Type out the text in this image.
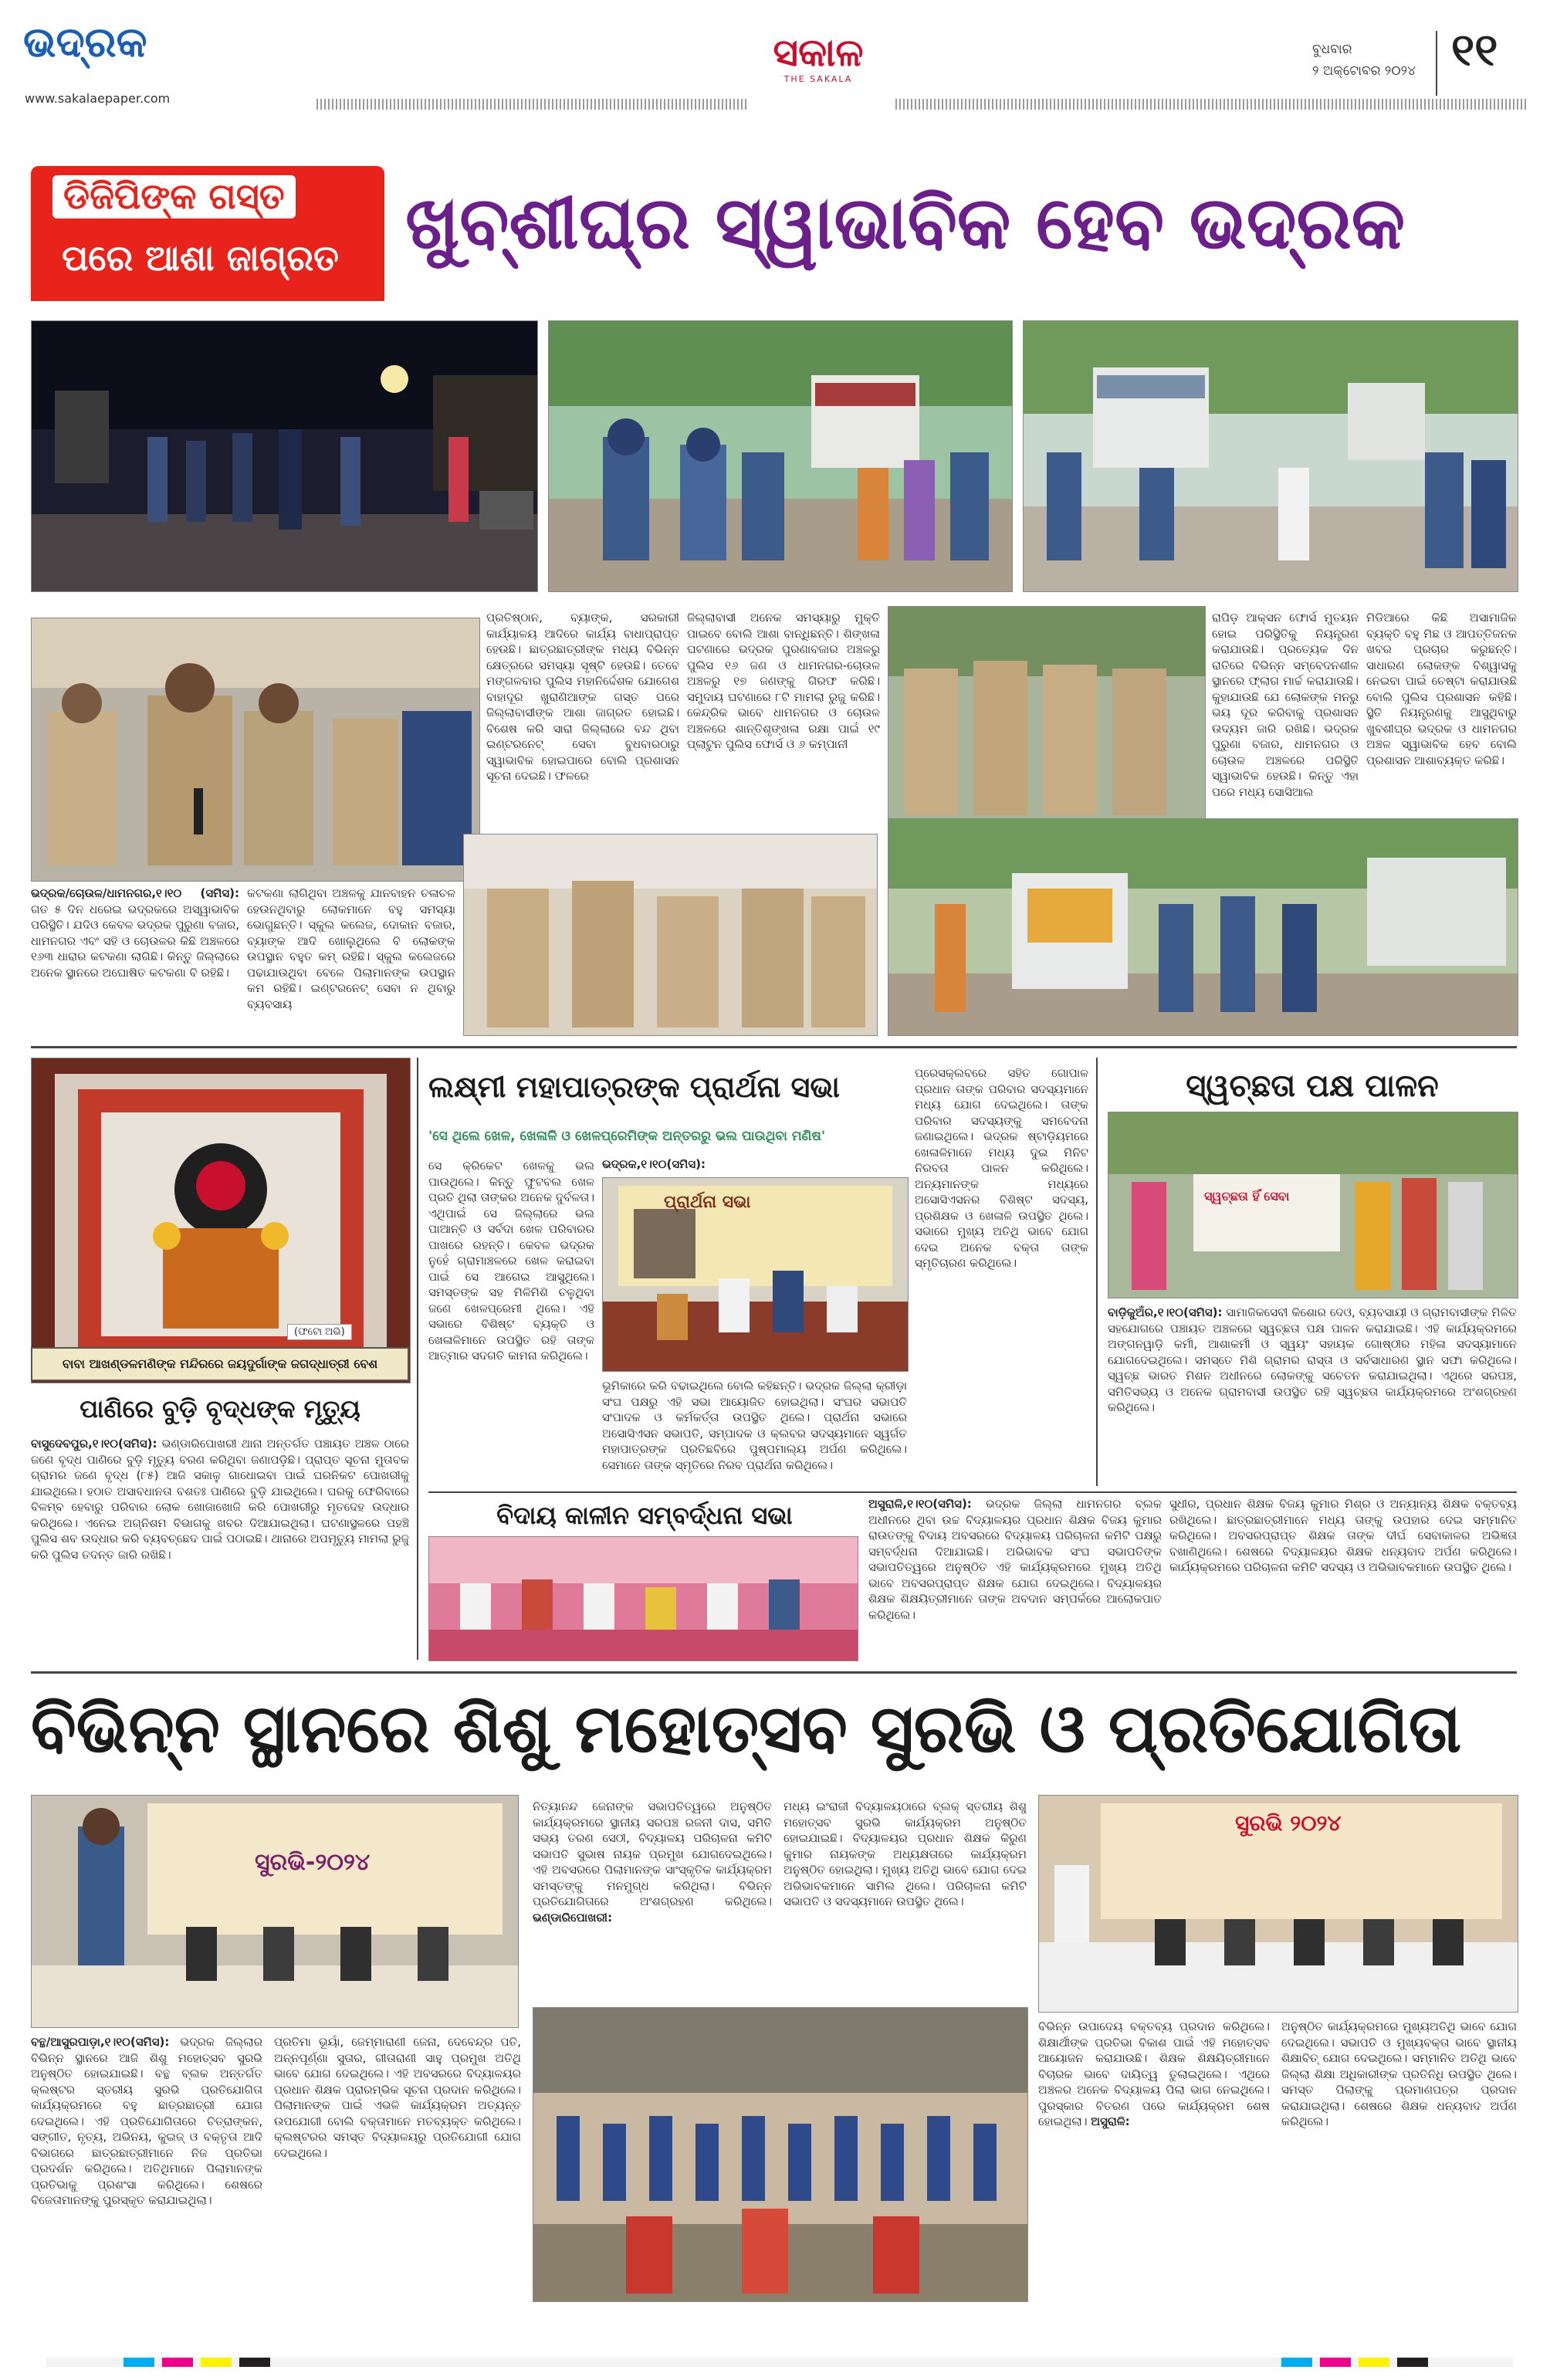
ଭଦ୍ରକ
www.sakalaepaper.com
ସକାଳ
THE SAKALA
ବୁଧବାର
୨ ଅକ୍ଟୋବର ୨୦୨୪ ୧୧
ଡିଜିପିଙ୍କ ଗସ୍ତ
ପରେ ଆଶା ଜାଗ୍ରତ ଖୁବ୍‌ଶୀଘ୍ର ସ୍ୱାଭାବିକ ହେବ ଭଦ୍ରକ
ଭଦ୍ରକ/ଚୋଉଳ/ଧାମନଗର,୧।୧୦ (ସମିସ): ଗତ ୫ ଦିନ ଧରେଇ ଭଦ୍ରକରେ ଅସ୍ୱାଭାବିକ ପରିସ୍ଥିତି। ଯଦିଓ କେବଳ ଭଦ୍ରକ ପୁରୁଣା ବଜାର, ଧାମନଗର ଏବଂ ସହି ଓ ଚୋଉଳର କିଛି ଅଞ୍ଚଳରେ ୧୬୩ ଧାରାର କଟକଣା ଲାଗିଛି। କିନ୍ତୁ ଜିଲ୍ଲାରେ ଅନେକ ସ୍ଥାନରେ ଅଘୋଷିତ କଟକଣା ବି ରହିଛି।
କଟକଣା ଲାଗିଥିବା ଅଞ୍ଚଳକୁ ଯାନବାହନ ଚଳାଚଳ ହେଉନଥିବାରୁ ଲୋକମାନେ ବହୁ ସମସ୍ୟା ଭୋଗୁଛନ୍ତି। ସ୍କୁଲ କଲେଜ, ଦୋକାନ ବଜାର, ବ୍ୟାଙ୍କ ଆଦି ଖୋଲୁଥିଲେ ବି ଲୋକଙ୍କ ଉପସ୍ଥାନ ବହୁତ କମ୍ ରହିଛି। ସ୍କୁଲ କଲେଜରେ ପଢାଯାଉଥିବା ବେଳେ ପିଲାମାନଙ୍କ ଉପସ୍ଥାନ କମ ରହିଛି। ଇଣ୍ଟରନେଟ୍ ସେବା ନ ଥିବାରୁ ବ୍ୟବସାୟ
ପ୍ରତିଷ୍ଠାନ, ବ୍ୟାଙ୍କ, ସରକାରୀ କାର୍ଯ୍ୟାଳୟ ଆଦିରେ କାର୍ଯ୍ୟ ବାଧାପ୍ରାପ୍ତ ହେଉଛି। ଛାତ୍ରଛାତ୍ରୀଙ୍କ ମଧ୍ୟ ବିଭିନ୍ନ କ୍ଷେତ୍ରରେ ସମସ୍ୟା ସୃଷ୍ଟି ହେଉଛି। ତେବେ ମଙ୍ଗଳବାର ପୁଲିସ ମହାନିର୍ଦ୍ଦେଶକ ଯୋଗେଶ ବାହାଦୂର ଖୁରାଣିଆଙ୍କ ଗସ୍ତ ପରେ ଜିଲ୍ଲାବାସୀଙ୍କ ଆଶା ଜାଗ୍ରତ ହୋଇଛି। ବିଶେଷ କରି ସାରା ଜିଲ୍ଲାରେ ବନ୍ଦ ଥିବା ଇଣ୍ଟରନେଟ୍ ସେବା ବୁଧବାରଠାରୁ ସ୍ୱାଭାବିକ ହୋଇପାରେ ବୋଲି ପ୍ରଶାସନ ସୂଚନା ଦେଇଛି। ଫଳରେ
ଜିଲ୍ଲାବାସୀ ଅନେକ ସମସ୍ୟାରୁ ମୁକ୍ତି ପାଇବେ ବୋଲି ଆଶା ବାନ୍ଧିଛନ୍ତି। ଶିଙ୍ଖଳା ଘଟଣାରେ ଭଦ୍ରକ ପୁରଣାବଜାର ଅଞ୍ଚଳରୁ ପୁଲିସ ୧୬ ଜଣ ଓ ଧାମନଗର-ଚୋଉଳ ଅଞ୍ଚଳରୁ ୧୭ ଜଣଙ୍କୁ ଗିରଫ କରିଛି। ସମୁଦାୟ ଘଟଣାରେ ୮ଟି ମାମଲା ରୁଜୁ କରିଛି। କେନ୍ଦ୍ରିକ ଭାବେ ଧାମନଗର ଓ ଚୋଉଳ ଅଞ୍ଚଳରେ ଶାନ୍ତିଶୃଙ୍ଖଳା ରକ୍ଷା ପାଇଁ ୧୯ ପ୍ଲାଟୁନ ପୁଲିସ ଫୋର୍ସ ଓ ୬ କମ୍ପାନୀ
ରାପିଡ଼ ଆକ୍ସନ ଫୋର୍ସ ମୁତୟନ ହୋଇ ପରିସ୍ଥିତିକୁ ନିୟନ୍ତ୍ରଣ କରାଯାଉଛି। ପ୍ରତ୍ୟେକ ଦିନ ରାତିରେ ବିଭିନ୍ନ ସମ୍ବେଦନଶୀଳ ସ୍ଥାନରେ ଫ୍ଲାଗ ମାର୍ଚ୍ଚ କରାଯାଉଛି। କୁହାଯାଉଛି ଯେ ଲୋକଙ୍କ ମନରୁ ଭୟ ଦୂର କରିବାକୁ ପ୍ରଶାସନ ଉଦ୍ୟମ ଜାରି ରଖିଛି। ଭଦ୍ରକ ପୁରୁଣା ବଜାର, ଧାମନଗର ଓ ଚୋଉଳ ଅଞ୍ଚଳରେ ପରିସ୍ଥିତି ସ୍ୱାଭାବିକ ହେଉଛି। କିନ୍ତୁ ଏହା ପରେ ମଧ୍ୟ ସୋସିଆଲ
ମିଡିଆରେ କିଛି ଅସାମାଜିକ ବ୍ୟକ୍ତି ବହୁ ମିଛ ଓ ଆପତ୍ତିଜନକ ଖବର ପ୍ରଚାର କରୁଛନ୍ତି। ସାଧାରଣ ଲୋକଙ୍କ ବିଶ୍ୱାସକୁ ନେଇବା ପାଇଁ ଚେଷ୍ଟା କରାଯାଉଛି ବୋଲି ପୁଲିସ ପ୍ରଶାସନ କହିଛି। ସ୍ଥିତି ନିୟନ୍ତ୍ରଣକୁ ଆସୁଥିବାରୁ ଖୁବଶୀଘ୍ର ଭଦ୍ରକ ଓ ଧାମନଗର ଅଞ୍ଚଳ ସ୍ୱାଭାବିକ ହେବ ବୋଲି ପ୍ରଶାସନ ଆଶାବ୍ୟକ୍ତ କରିଛି।
(ଫଟୋ ଅଭି)
ବାବା ଆଖଣ୍ଡଳମଣିଙ୍କ ମନ୍ଦିରରେ ଜୟଦୁର୍ଗାଙ୍କ ଜଗଦ୍ଧାତ୍ରୀ ବେଶ
ପାଣିରେ ବୁଡ଼ି ବୃଦ୍ଧଙ୍କ ମୃତ୍ୟୁ
ବାସୁଦେବପୁର,୧।୧୦(ସମିସ): ଭଣ୍ଡାରିପୋଖରୀ ଥାନା ଅନ୍ତର୍ଗତ ପଞ୍ଚାୟତ ଅଞ୍ଚଳ ଠାରେ ଜଣେ ବୃଦ୍ଧ ପାଣିରେ ବୁଡ଼ି ମୃତ୍ୟୁ ବରଣ କରିଥିବା ଜଣାପଡ଼ିଛି। ପ୍ରାପ୍ତ ସୂଚନା ମୁତାବକ ଗ୍ରାମର ଜଣେ ବୃଦ୍ଧ (୮୫) ଆଜି ସକାଳୁ ଗାଧୋଇବା ପାଇଁ ଘରନିକଟ ପୋଖରୀକୁ ଯାଇଥିଲେ। ହଠାତ ଅସାବଧାନତା ବଶତଃ ପାଣିରେ ବୁଡ଼ି ଯାଇଥିଲେ। ଘରକୁ ଫେରିବାରେ ବିଳମ୍ବ ହେବାରୁ ପରିବାର ଲୋକ ଖୋଜାଖୋଜି କରି ପୋଖରୀରୁ ମୃତଦେହ ଉଦ୍ଧାର କରିଥିଲେ। ଏନେଇ ଅଗ୍ନିଶମ ବିଭାଗକୁ ଖବର ଦିଆଯାଇଥିଲା। ଘଟଣାସ୍ଥଳରେ ପହଞ୍ଚି ପୁଲିସ ଶବ ଉଦ୍ଧାର କରି ବ୍ୟବଚ୍ଛେଦ ପାଇଁ ପଠାଇଛି। ଥାନାରେ ଅପମୃତ୍ୟୁ ମାମଲା ରୁଜୁ କରି ପୁଲିସ ତଦନ୍ତ ଜାରି ରଖିଛି।
ଲକ୍ଷ୍ମୀ ମହାପାତ୍ରଙ୍କ ପ୍ରାର୍ଥନା ସଭା
'ସେ ଥିଲେ ଖେଳ, ଖେଳାଳି ଓ ଖେଳପ୍ରେମିଙ୍କ ଅନ୍ତରରୁ ଭଲ ପାଉଥିବା ମଣିଷ'
ଭଦ୍ରକ,୧।୧୦(ସମିସ):
ପ୍ରାର୍ଥନା ସଭା
ସେ କ୍ରିକେଟ ଖେଳକୁ ଭଲ ପାଉଥିଲେ। କିନ୍ତୁ ଫୁଟବଲ ଖେଳ ପ୍ରତି ଥିଲା ତାଙ୍କର ଅନେକ ଦୁର୍ବଳତା। ଏଥିପାଇଁ ସେ ଜିଲ୍ଲାରେ ଭଲ ପାଆନ୍ତି ଓ ସର୍ବଦା ଖେଳ ପରିବାରର ପାଖରେ ରହନ୍ତି। କେବଳ ଭଦ୍ରକ ନୁହେଁ ଗ୍ରାମାଞ୍ଚଳରେ ଖେଳ କରାଇବା ପାଇଁ ସେ ଆଗେଇ ଆସୁଥିଲେ। ସମସ୍ତଙ୍କ ସହ ମିଳିମିଶି ଚଳୁଥିବା ଜଣେ ଖେଳପ୍ରେମୀ ଥିଲେ। ଏହି ସଭାରେ ବିଶିଷ୍ଟ ବ୍ୟକ୍ତି ଓ ଖେଳାଳିମାନେ ଉପସ୍ଥିତ ରହି ତାଙ୍କ ଆତ୍ମାର ସଦଗତି କାମନା କରିଥିଲେ।
ଭୂମିକାରେ କରି ବଢାଇଥିଲେ ବୋଲି କହିଛନ୍ତି। ଭଦ୍ରକ ଜିଲ୍ଲା କ୍ରୀଡ଼ା ସଂଘ ପକ୍ଷରୁ ଏହି ସଭା ଆୟୋଜିତ ହୋଇଥିଲା। ସଂଘର ସଭାପତି ସଂପାଦକ ଓ କର୍ମକର୍ତ୍ତା ଉପସ୍ଥିତ ଥିଲେ। ପ୍ରାର୍ଥନା ସଭାରେ ଅସୋସିଏସନ ସଭାପତି, ସମ୍ପାଦକ ଓ କ୍ଲବର ସଦସ୍ୟମାନେ ସ୍ୱର୍ଗତ ମହାପାତ୍ରଙ୍କ ପ୍ରତିଛବିରେ ପୁଷ୍ପମାଲ୍ୟ ଅର୍ପଣ କରିଥିଲେ। ସେମାନେ ତାଙ୍କ ସ୍ମୃତିରେ ନିରବ ପ୍ରାର୍ଥନା କରିଥିଲେ।
ପ୍ରେସକ୍ଲବରେ ସହିତ ଗୋପାଳ ପ୍ରଧାନ ତାଙ୍କ ପରିବାର ସଦସ୍ୟମାନେ ମଧ୍ୟ ଯୋଗ ଦେଇଥିଲେ। ତାଙ୍କ ପରିବାର ସଦସ୍ୟଙ୍କୁ ସମବେଦନା ଜଣାଇଥିଲେ। ଭଦ୍ରକ ଷ୍ଟାଡ଼ିୟମରେ ଖେଳାଳିମାନେ ମଧ୍ୟ ଦୁଇ ମିନିଟ ନିରବତା ପାଳନ କରିଥିଲେ। ଅନ୍ୟମାନଙ୍କ ମଧ୍ୟରେ ଅସୋସିଏସନର ବିଶିଷ୍ଟ ସଦସ୍ୟ, ପ୍ରଶିକ୍ଷକ ଓ ଖେଳାଳି ଉପସ୍ଥିତ ଥିଲେ। ସଭାରେ ମୁଖ୍ୟ ଅତିଥି ଭାବେ ଯୋଗ ଦେଇ ଅନେକ ବକ୍ତା ତାଙ୍କ ସ୍ମୃତିଚାରଣ କରିଥିଲେ।
ସ୍ୱଚ୍ଛତା ପକ୍ଷ ପାଳନ
ସ୍ୱଚ୍ଛତା ହିଁ ସେବା
ବାଡ଼ିକୁଅଁର,୧।୧୦(ସମିସ): ସାମାଜିକସେବୀ କିଶୋର ଦେଓ, ବ୍ୟବସାୟୀ ଓ ଗ୍ରାମବାସୀଙ୍କ ମିଳିତ ସହଯୋଗରେ ପଞ୍ଚାୟତ ଅଞ୍ଚଳରେ ସ୍ୱଚ୍ଛତା ପକ୍ଷ ପାଳନ କରାଯାଇଛି। ଏହି କାର୍ଯ୍ୟକ୍ରମରେ ଅଙ୍ଗନୱାଡ଼ି କର୍ମୀ, ଆଶାକର୍ମୀ ଓ ସ୍ୱୟଂ ସହାୟକ ଗୋଷ୍ଠୀର ମହିଳା ସଦସ୍ୟାମାନେ ଯୋଗଦେଇଥିଲେ। ସମସ୍ତେ ମିଶି ଗ୍ରାମର ରାସ୍ତା ଓ ସର୍ବସାଧାରଣ ସ୍ଥାନ ସଫା କରିଥିଲେ। ସ୍ୱଚ୍ଛ ଭାରତ ମିଶନ ଅଧୀନରେ ଲୋକଙ୍କୁ ସଚେତନ କରାଯାଇଥିଲା। ଏଥିରେ ସରପଞ୍ଚ, ସମିତିସଭ୍ୟ ଓ ଅନେକ ଗ୍ରାମବାସୀ ଉପସ୍ଥିତ ରହି ସ୍ୱଚ୍ଛତା କାର୍ଯ୍ୟକ୍ରମରେ ଅଂଶଗ୍ରହଣ କରିଥିଲେ।
ବିଦାୟ କାଳୀନ ସମ୍ବର୍ଦ୍ଧନା ସଭା	ଅସୁରାଳି,୧।୧୦(ସମିସ): ଭଦ୍ରକ ଜିଲ୍ଲା ଧାମନଗର ବ୍ଲକ ଅଧୀନରେ ଥିବା ଉଚ୍ଚ ବିଦ୍ୟାଳୟର ପ୍ରଧାନ ଶିକ୍ଷକ ବିଜୟ କୁମାର ରାଉତଙ୍କୁ ବିଦାୟ ଅବସରରେ ବିଦ୍ୟାଳୟ ପରିଚାଳନା କମିଟି ପକ୍ଷରୁ ସମ୍ବର୍ଦ୍ଧନା ଦିଆଯାଇଛି। ଅଭିଭାବକ ସଂଘ ସଭାପତିଙ୍କ ସଭାପତିତ୍ୱରେ ଅନୁଷ୍ଠିତ ଏହି କାର୍ଯ୍ୟକ୍ରମରେ ମୁଖ୍ୟ ଅତିଥି ଭାବେ ଅବସରପ୍ରାପ୍ତ ଶିକ୍ଷକ ଯୋଗ ଦେଇଥିଲେ। ବିଦ୍ୟାଳୟର ଶିକ୍ଷକ ଶିକ୍ଷୟିତ୍ରୀମାନେ ତାଙ୍କ ଅବଦାନ ସମ୍ପର୍କରେ ଆଲୋକପାତ କରିଥିଲେ।
ସୁଧୀର, ପ୍ରଧାନ ଶିକ୍ଷକ ବିଜୟ କୁମାର ମିଶ୍ର ଓ ଅନ୍ୟାନ୍ୟ ଶିକ୍ଷକ ବକ୍ତବ୍ୟ ରଖିଥିଲେ। ଛାତ୍ରଛାତ୍ରୀମାନେ ମଧ୍ୟ ତାଙ୍କୁ ଉପହାର ଦେଇ ସମ୍ମାନିତ କରିଥିଲେ। ଅବସରପ୍ରାପ୍ତ ଶିକ୍ଷକ ତାଙ୍କ ଦୀର୍ଘ ସେବାକାଳର ଅଭିଜ୍ଞତା ବଖାଣିଥିଲେ। ଶେଷରେ ବିଦ୍ୟାଳୟର ଶିକ୍ଷକ ଧନ୍ୟବାଦ ଅର୍ପଣ କରିଥିଲେ। କାର୍ଯ୍ୟକ୍ରମରେ ପରିଚାଳନା କମିଟି ସଦସ୍ୟ ଓ ଅଭିଭାବକମାନେ ଉପସ୍ଥିତ ଥିଲେ।
ବିଭିନ୍ନ ସ୍ଥାନରେ ଶିଶୁ ମହୋତ୍ସବ ସୁରଭି ଓ ପ୍ରତିଯୋଗିତା
ସୁରଭି-୨୦୨୪
ସୁରଭି ୨୦୨୪
ବନ୍ଥ/ଆସୁରପାଡ଼ା,୧।୧୦(ସମିସ): ଭଦ୍ରକ ଜିଲ୍ଲାର ବିଭିନ୍ନ ସ୍ଥାନରେ ଆଜି ଶିଶୁ ମହୋତ୍ସବ ସୁରଭି ଅନୁଷ୍ଠିତ ହୋଇଯାଇଛି। ବନ୍ଥ ବ୍ଲକ ଅନ୍ତର୍ଗତ କ୍ଲଷ୍ଟର ସ୍ତରୀୟ ସୁରଭି ପ୍ରତିଯୋଗିତା କାର୍ଯ୍ୟକ୍ରମରେ ବହୁ ଛାତ୍ରଛାତ୍ରୀ ଯୋଗ ଦେଇଥିଲେ। ଏହି ପ୍ରତିଯୋଗିତାରେ ଚିତ୍ରାଙ୍କନ, ସଙ୍ଗୀତ, ନୃତ୍ୟ, ଅଭିନୟ, କୁଇଜ୍ ଓ ବକ୍ତୃତା ଆଦି ବିଭାଗରେ ଛାତ୍ରଛାତ୍ରୀମାନେ ନିଜ ପ୍ରତିଭା ପ୍ରଦର୍ଶନ କରିଥିଲେ। ଅତିଥିମାନେ ପିଲାମାନଙ୍କ ପ୍ରତିଭାକୁ ପ୍ରଶଂସା କରିଥିଲେ। ଶେଷରେ ବିଜେତାମାନଙ୍କୁ ପୁରସ୍କୃତ କରାଯାଇଥିଲା।
ପ୍ରତିମା ଭୂୟାଁ, ଜେମ୍ମାରାଣୀ ଜେନା, ଦେବେନ୍ଦ୍ର ପତି, ଅନ୍ନପୂର୍ଣ୍ଣା ସୁତାର, ଗୀତାରାଣୀ ସାହୁ ପ୍ରମୁଖ ଅତିଥି ଭାବେ ଯୋଗ ଦେଇଥିଲେ। ଏହି ଅବସରରେ ବିଦ୍ୟାଳୟର ପ୍ରଧାନ ଶିକ୍ଷକ ପ୍ରାରମ୍ଭିକ ସୂଚନା ପ୍ରଦାନ କରିଥିଲେ। ପିଲାମାନଙ୍କ ପାଇଁ ଏଭଳି କାର୍ଯ୍ୟକ୍ରମ ଅତ୍ୟନ୍ତ ଉପଯୋଗୀ ବୋଲି ବକ୍ତାମାନେ ମତବ୍ୟକ୍ତ କରିଥିଲେ। କ୍ଲଷ୍ଟରର ସମସ୍ତ ବିଦ୍ୟାଳୟରୁ ପ୍ରତିଯୋଗୀ ଯୋଗ ଦେଇଥିଲେ।
ନିତ୍ୟାନନ୍ଦ ଜେନାଙ୍କ ସଭାପତିତ୍ୱରେ ଅନୁଷ୍ଠିତ କାର୍ଯ୍ୟକ୍ରମରେ ସ୍ଥାନୀୟ ସରପଞ୍ଚ ରଜନୀ ଦାସ, ସମିତି ସଭ୍ୟ ତରଣ ସେଠୀ, ବିଦ୍ୟାଳୟ ପରିଚାଳନା କମିଟି ସଭାପତି ସୁଭାଷ ନାୟକ ପ୍ରମୁଖ ଯୋଗଦେଇଥିଲେ। ଏହି ଅବସରରେ ପିଲାମାନଙ୍କ ସାଂସ୍କୃତିକ କାର୍ଯ୍ୟକ୍ରମ ସମସ୍ତଙ୍କୁ ମନମୁଗ୍ଧ କରିଥିଲା। ବିଭିନ୍ନ ପ୍ରତିଯୋଗିତାରେ ଅଂଶଗ୍ରହଣ କରିଥିଲେ। ଭଣ୍ଡାରିପୋଖରୀ:
ମଧ୍ୟ ଇଂରାଜୀ ବିଦ୍ୟାଳୟଠାରେ ବ୍ଲକ୍ ସ୍ତରୀୟ ଶିଶୁ ମହୋତ୍ସବ ସୁରଭି କାର୍ଯ୍ୟକ୍ରମ ଅନୁଷ୍ଠିତ ହୋଇଯାଇଛି। ବିଦ୍ୟାଳୟର ପ୍ରଧାନ ଶିକ୍ଷକ କିରୁଣ କୁମାର ନାୟକଙ୍କ ଅଧ୍ୟକ୍ଷତାରେ କାର୍ଯ୍ୟକ୍ରମ ଅନୁଷ୍ଠିତ ହୋଇଥିଲା। ମୁଖ୍ୟ ଅତିଥି ଭାବେ ଯୋଗ ଦେଇ ଅଭିଭାବକମାନେ ସାମିଲ ଥିଲେ। ପରିଚାଳନା କମିଟି ସଭାପତି ଓ ସଦସ୍ୟମାନେ ଉପସ୍ଥିତ ଥିଲେ।
ବିଭିନ୍ନ ଉପାଦେୟ ବକ୍ତବ୍ୟ ପ୍ରଦାନ କରିଥିଲେ। ଶିକ୍ଷାର୍ଥୀଙ୍କ ପ୍ରତିଭା ବିକାଶ ପାଇଁ ଏହି ମହୋତ୍ସବ ଆୟୋଜନ କରାଯାଉଛି। ଶିକ୍ଷକ ଶିକ୍ଷୟିତ୍ରୀମାନେ ବିଚାରକ ଭାବେ ଦାୟିତ୍ୱ ତୁଲାଇଥିଲେ। ଏଥିରେ ଅଞ୍ଚଳର ଅନେକ ବିଦ୍ୟାଳୟ ପିଲା ଭାଗ ନେଇଥିଲେ। ପୁରସ୍କାର ବିତରଣ ପରେ କାର୍ଯ୍ୟକ୍ରମ ଶେଷ ହୋଇଥିଲା। ଅସୁରାଳି:
ଅନୁଷ୍ଠିତ କାର୍ଯ୍ୟକ୍ରମରେ ମୁଖ୍ୟଅତିଥି ଭାବେ ଯୋଗ ଦେଇଥିଲେ। ସଭାପତି ଓ ମୁଖ୍ୟବକ୍ତା ଭାବେ ସ୍ଥାନୀୟ ଶିକ୍ଷାବିତ୍ ଯୋଗ ଦେଇଥିଲେ। ସମ୍ମାନିତ ଅତିଥି ଭାବେ ଜିଲ୍ଲା ଶିକ୍ଷା ଅଧିକାରୀଙ୍କ ପ୍ରତିନିଧି ଉପସ୍ଥିତ ଥିଲେ। ସମସ୍ତ ପିଲାଙ୍କୁ ପ୍ରମାଣପତ୍ର ପ୍ରଦାନ କରାଯାଇଥିଲା। ଶେଷରେ ଶିକ୍ଷକ ଧନ୍ୟବାଦ ଅର୍ପଣ କରିଥିଲେ।
